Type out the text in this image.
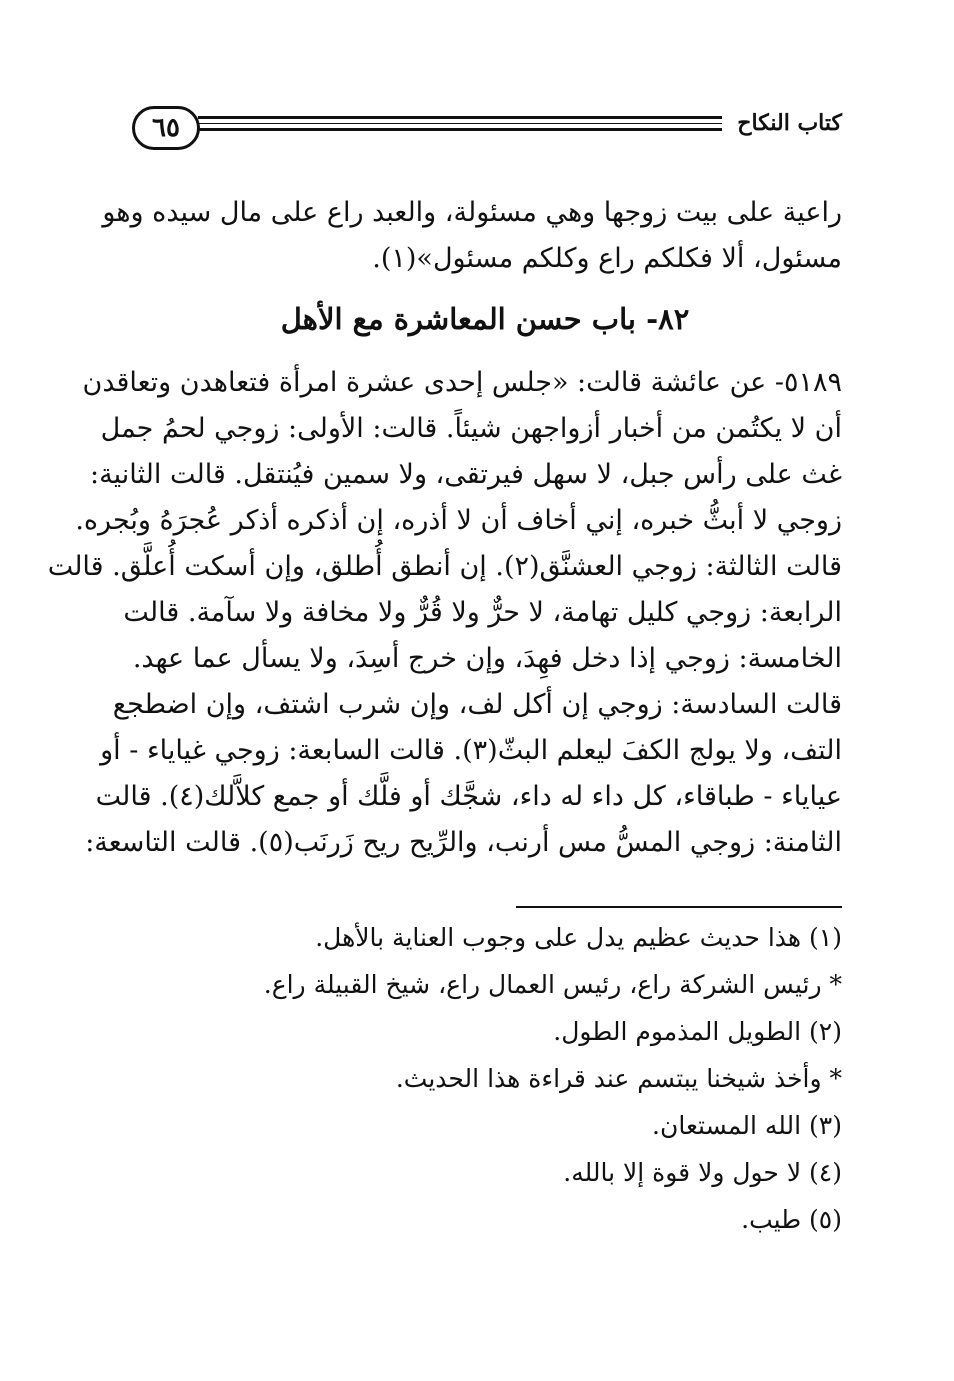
٦٥	كتاب النكاح
راعية على بيت زوجها وهي مسئولة، والعبد راع على مال سيده وهو
مسئول، ألا فكلكم راع وكلكم مسئول»(١).
٨٢- باب حسن المعاشرة مع الأهل
٥١٨٩- عن عائشة قالت: «جلس إحدى عشرة امرأة فتعاهدن وتعاقدن
أن لا يكتُمن من أخبار أزواجهن شيئاً. قالت: الأولى: زوجي لحمُ جمل
غث على رأس جبل، لا سهل فيرتقى، ولا سمين فيُنتقل. قالت الثانية:
زوجي لا أبثُّ خبره، إني أخاف أن لا أذره، إن أذكره أذكر عُجرَهُ وبُجره.
قالت الثالثة: زوجي العشنَّق(٢). إن أنطق أُطلق، وإن أسكت أُعلَّق. قالت
الرابعة: زوجي كليل تهامة، لا حرٌّ ولا قُرٌّ ولا مخافة ولا سآمة. قالت
الخامسة: زوجي إذا دخل فهِدَ، وإن خرج أسِدَ، ولا يسأل عما عهد.
قالت السادسة: زوجي إن أكل لف، وإن شرب اشتف، وإن اضطجع
التف، ولا يولج الكفَ ليعلم البثّ(٣). قالت السابعة: زوجي غياياء - أو
عياياء - طباقاء، كل داء له داء، شجَّك أو فلَّك أو جمع كلاَّلك(٤). قالت
الثامنة: زوجي المسُّ مس أرنب، والرِّيح ريح زَرنَب(٥). قالت التاسعة:
(١) هذا حديث عظيم يدل على وجوب العناية بالأهل.
* رئيس الشركة راع، رئيس العمال راع، شيخ القبيلة راع.
(٢) الطويل المذموم الطول.
* وأخذ شيخنا يبتسم عند قراءة هذا الحديث.
(٣) الله المستعان.
(٤) لا حول ولا قوة إلا بالله.
(٥) طيب.
